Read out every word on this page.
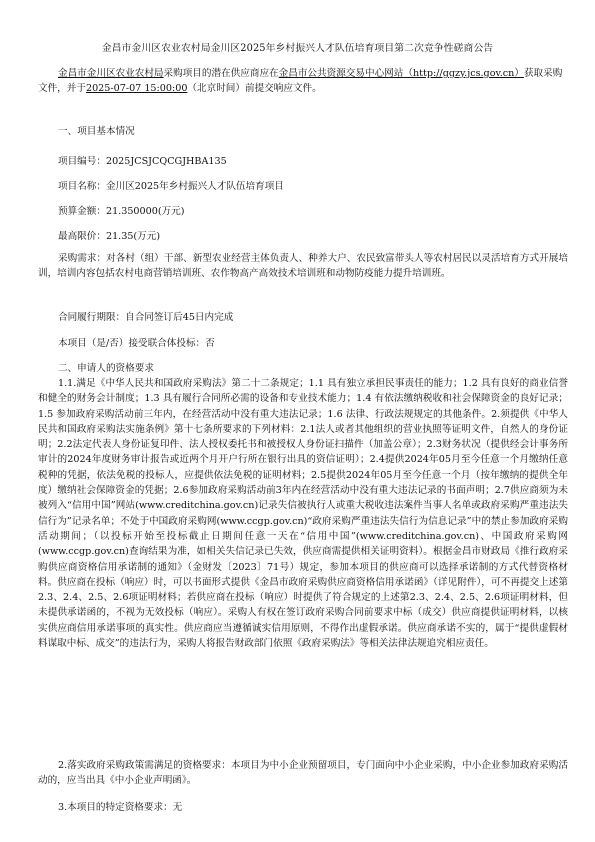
金昌市金川区农业农村局金川区2025年乡村振兴人才队伍培育项目第二次竞争性磋商公告
金昌市金川区农业农村局采购项目的潜在供应商应在金昌市公共资源交易中心网站（http://ggzy.jcs.gov.cn）获取采购文件，并于2025-07-07 15:00:00（北京时间）前提交响应文件。
一、项目基本情况
项目编号：2025JCSJCQCGJHBA135
项目名称：金川区2025年乡村振兴人才队伍培育项目
预算金额：21.350000(万元)
最高限价：21.35(万元)

采购需求：对各村（组）干部、新型农业经营主体负责人、种养大户、农民致富带头人等农村居民以灵活培育方式开展培训，培训内容包括农村电商营销培训班、农作物高产高效技术培训班和动物防疫能力提升培训班。

合同履行期限：自合同签订后45日内完成
本项目（是/否）接受联合体投标：否
二、申请人的资格要求

1.1.满足《中华人民共和国政府采购法》第二十二条规定；1.1 具有独立承担民事责任的能力；1.2 具有良好的商业信誉和健全的财务会计制度；1.3 具有履行合同所必需的设备和专业技术能力；1.4 有依法缴纳税收和社会保障资金的良好记录；1.5 参加政府采购活动前三年内，在经营活动中没有重大违法记录；1.6 法律、行政法规规定的其他条件。2.须提供《中华人民共和国政府采购法实施条例》第十七条所要求的下列材料：2.1法人或者其他组织的营业执照等证明文件，自然人的身份证明；2.2法定代表人身份证复印件、法人授权委托书和被授权人身份证扫描件（加盖公章）；2.3财务状况（提供经会计事务所审计的2024年度财务审计报告或近两个月开户行所在银行出具的资信证明）；2.4提供2024年05月至今任意一个月缴纳任意税种的凭据，依法免税的投标人，应提供依法免税的证明材料；2.5提供2024年05月至今任意一个月（按年缴纳的提供全年度）缴纳社会保障资金的凭据；2.6参加政府采购活动前3年内在经营活动中没有重大违法记录的书面声明；2.7供应商须为未被列入“信用中国”网站(www.creditchina.gov.cn)记录失信被执行人或重大税收违法案件当事人名单或政府采购严重违法失信行为”记录名单；不处于中国政府采购网(www.ccgp.gov.cn)“政府采购严重违法失信行为信息记录”中的禁止参加政府采购活动期间；（以投标开始至投标截止日期间任意一天在“信用中国”(www.creditchina.gov.cn)、中国政府采购网(www.ccgp.gov.cn)查询结果为准，如相关失信记录已失效，供应商需提供相关证明资料）。根据金昌市财政局《推行政府采购供应商资格信用承诺制的通知》（金财发〔2023〕71号）规定，参加本项目的供应商可以选择承诺制的方式代替资格材料。供应商在投标（响应）时，可以书面形式提供《金昌市政府采购供应商资格信用承诺函》（详见附件），可不再提交上述第2.3、2.4、2.5、2.6项证明材料；若供应商在投标（响应）时提供了符合规定的上述第2.3、2.4、2.5、2.6项证明材料，但未提供承诺函的，不视为无效投标（响应）。采购人有权在签订政府采购合同前要求中标（成交）供应商提供证明材料，以核实供应商信用承诺事项的真实性。供应商应当遵循诚实信用原则，不得作出虚假承诺。供应商承诺不实的，属于“提供虚假材料谋取中标、成交”的违法行为，采购人将报告财政部门依照《政府采购法》等相关法律法规追究相应责任。

2.落实政府采购政策需满足的资格要求：本项目为中小企业预留项目，专门面向中小企业采购，中小企业参加政府采购活动的，应当出具《中小企业声明函》。

3.本项目的特定资格要求：无
